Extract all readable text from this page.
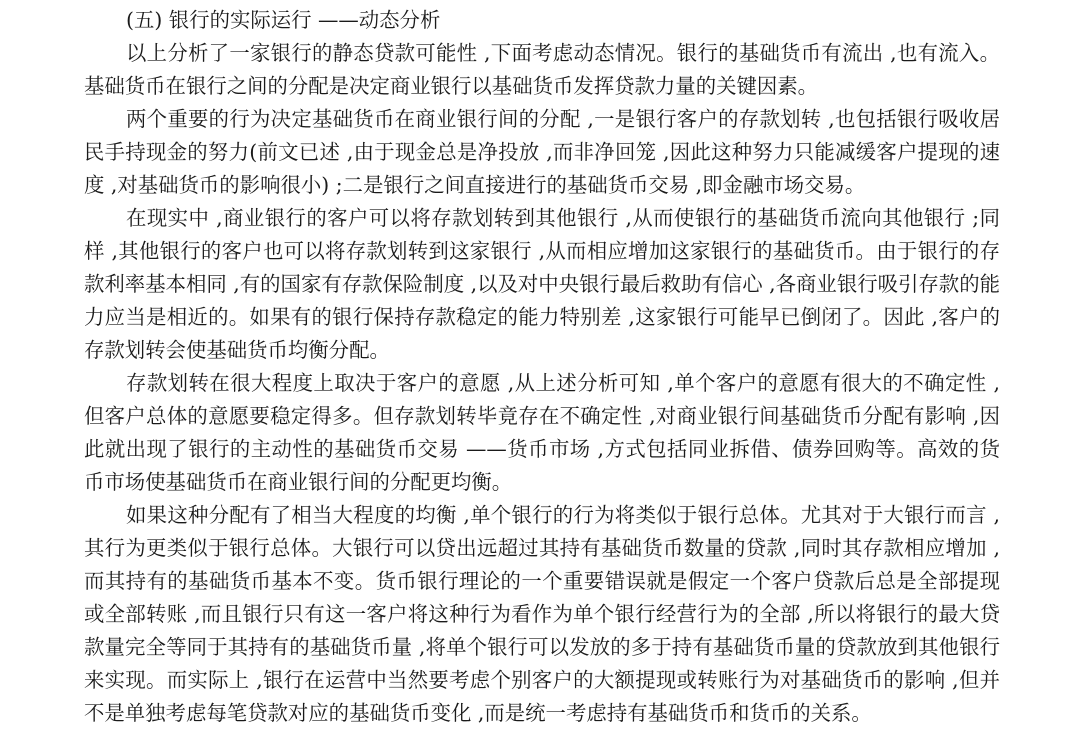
(五) 银行的实际运行 ——动态分析

以上分析了一家银行的静态贷款可能性 ,下面考虑动态情况。银行的基础货币有流出 ,也有流入。基础货币在银行之间的分配是决定商业银行以基础货币发挥贷款力量的关键因素。

两个重要的行为决定基础货币在商业银行间的分配 ,一是银行客户的存款划转 ,也包括银行吸收居民手持现金的努力(前文已述 ,由于现金总是净投放 ,而非净回笼 ,因此这种努力只能减缓客户提现的速度 ,对基础货币的影响很小) ;二是银行之间直接进行的基础货币交易 ,即金融市场交易。

在现实中 ,商业银行的客户可以将存款划转到其他银行 ,从而使银行的基础货币流向其他银行 ;同样 ,其他银行的客户也可以将存款划转到这家银行 ,从而相应增加这家银行的基础货币。由于银行的存款利率基本相同 ,有的国家有存款保险制度 ,以及对中央银行最后救助有信心 ,各商业银行吸引存款的能力应当是相近的。如果有的银行保持存款稳定的能力特别差 ,这家银行可能早已倒闭了。因此 ,客户的存款划转会使基础货币均衡分配。

存款划转在很大程度上取决于客户的意愿 ,从上述分析可知 ,单个客户的意愿有很大的不确定性 ,但客户总体的意愿要稳定得多。但存款划转毕竟存在不确定性 ,对商业银行间基础货币分配有影响 ,因此就出现了银行的主动性的基础货币交易 ——货币市场 ,方式包括同业拆借、债券回购等。高效的货币市场使基础货币在商业银行间的分配更均衡。

如果这种分配有了相当大程度的均衡 ,单个银行的行为将类似于银行总体。尤其对于大银行而言 ,其行为更类似于银行总体。大银行可以贷出远超过其持有基础货币数量的贷款 ,同时其存款相应增加 ,而其持有的基础货币基本不变。货币银行理论的一个重要错误就是假定一个客户贷款后总是全部提现或全部转账 ,而且银行只有这一客户将这种行为看作为单个银行经营行为的全部 ,所以将银行的最大贷款量完全等同于其持有的基础货币量 ,将单个银行可以发放的多于持有基础货币量的贷款放到其他银行来实现。而实际上 ,银行在运营中当然要考虑个别客户的大额提现或转账行为对基础货币的影响 ,但并不是单独考虑每笔贷款对应的基础货币变化 ,而是统一考虑持有基础货币和货币的关系。
